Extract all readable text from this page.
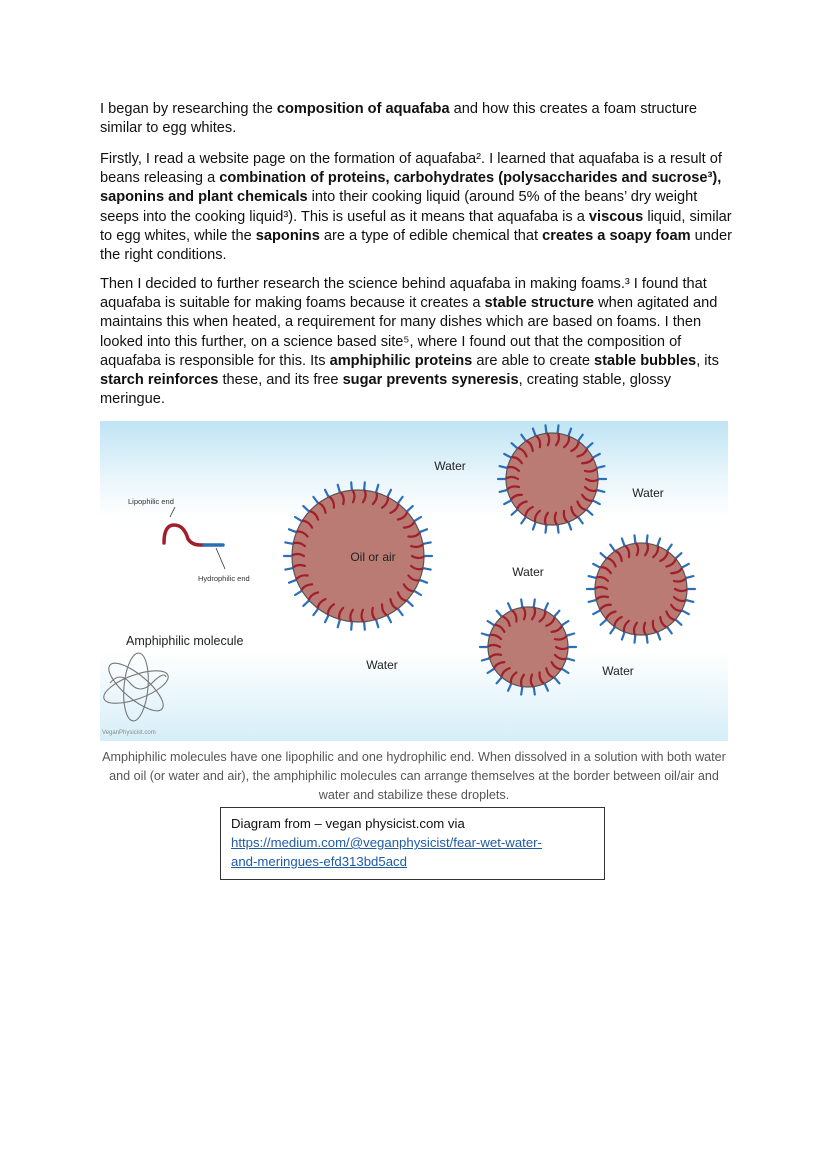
I began by researching the composition of aquafaba and how this creates a foam structure similar to egg whites.

Firstly, I read a website page on the formation of aquafaba². I learned that aquafaba is a result of beans releasing a combination of proteins, carbohydrates (polysaccharides and sucrose³), saponins and plant chemicals into their cooking liquid (around 5% of the beans’ dry weight seeps into the cooking liquid³). This is useful as it means that aquafaba is a viscous liquid, similar to egg whites, while the saponins are a type of edible chemical that creates a soapy foam under the right conditions.

Then I decided to further research the science behind aquafaba in making foams.³ I found that aquafaba is suitable for making foams because it creates a stable structure when agitated and maintains this when heated, a requirement for many dishes which are based on foams. I then looked into this further, on a science based site⁵, where I found out that the composition of aquafaba is responsible for this. Its amphiphilic proteins are able to create stable bubbles, its starch reinforces these, and its free sugar prevents syneresis, creating stable, glossy meringue.

Lipophilic end
Hydrophilic end
Amphiphilic molecule
VeganPhysicist.com
Oil or air
Water
Water
Water
Water	Water

Amphiphilic molecules have one lipophilic and one hydrophilic end. When dissolved in a solution with both water and oil (or water and air), the amphiphilic molecules can arrange themselves at the border between oil/air and water and stabilize these droplets.

Diagram from – vegan physicist.com via
https://medium.com/@veganphysicist/fear-wet-water-
and-meringues-efd313bd5acd
